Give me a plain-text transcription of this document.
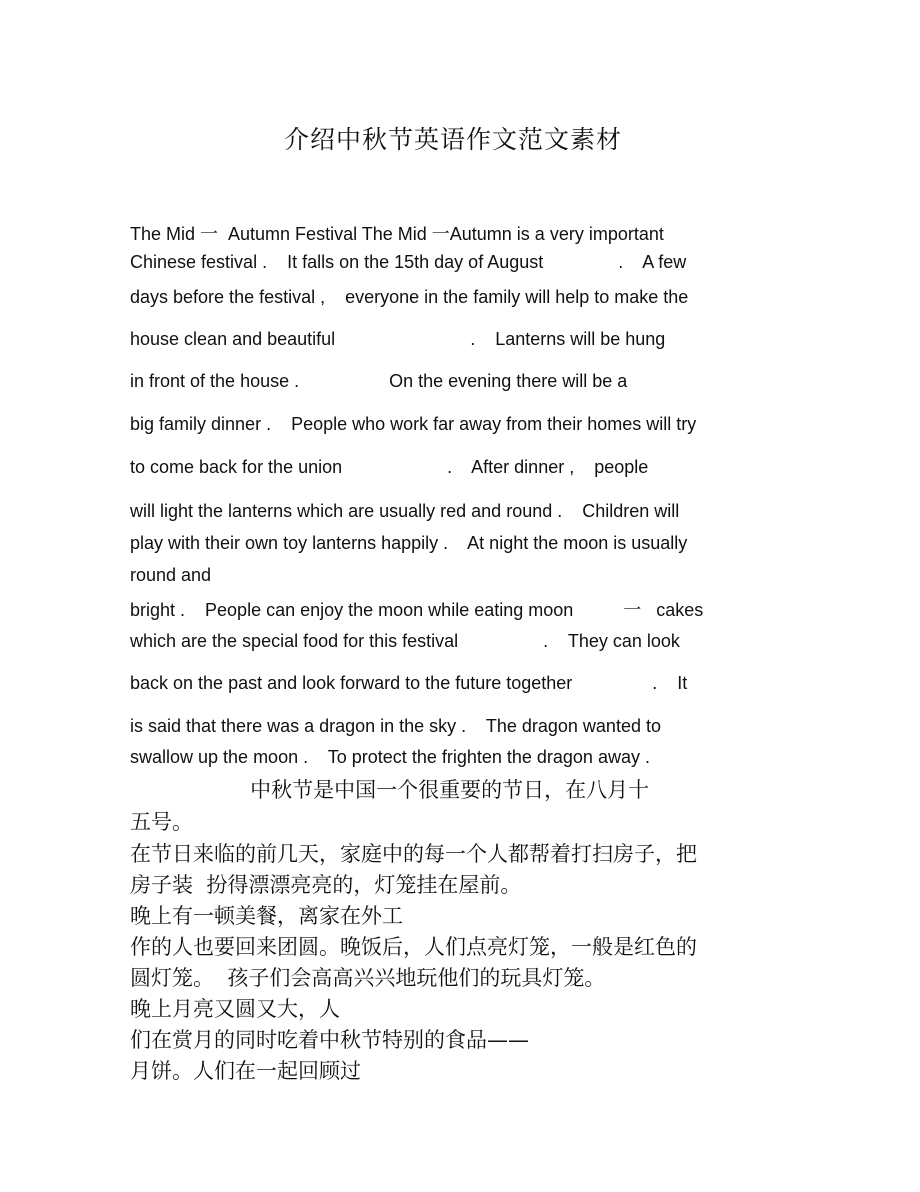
介绍中秋节英语作文范文素材
The Mid 一  Autumn Festival The Mid 一Autumn is a very important
Chinese festival .    It falls on the 15th day of August               .    A few
days before the festival ,    everyone in the family will help to make the
house clean and beautiful                           .    Lanterns will be hung
in front of the house .                  On the evening there will be a
big family dinner .    People who work far away from their homes will try
to come back for the union                     .    After dinner ,    people
will light the lanterns which are usually red and round .    Children will
play with their own toy lanterns happily .    At night the moon is usually
round and
bright .    People can enjoy the moon while eating moon          一   cakes
which are the special food for this festival                 .    They can look
back on the past and look forward to the future together                .    It
is said that there was a dragon in the sky .    The dragon wanted to
swallow up the moon .    To protect the frighten the dragon away .
中秋节是中国一个很重要的节日，在八月十
五号。
在节日来临的前几天，家庭中的每一个人都帮着打扫房子，把
房子装  扮得漂漂亮亮的，灯笼挂在屋前。
晚上有一顿美餐，离家在外工
作的人也要回来团圆。晚饭后，人们点亮灯笼，一般是红色的
圆灯笼。  孩子们会高高兴兴地玩他们的玩具灯笼。
晚上月亮又圆又大，人
们在赏月的同时吃着中秋节特别的食品——
月饼。人们在一起回顾过
